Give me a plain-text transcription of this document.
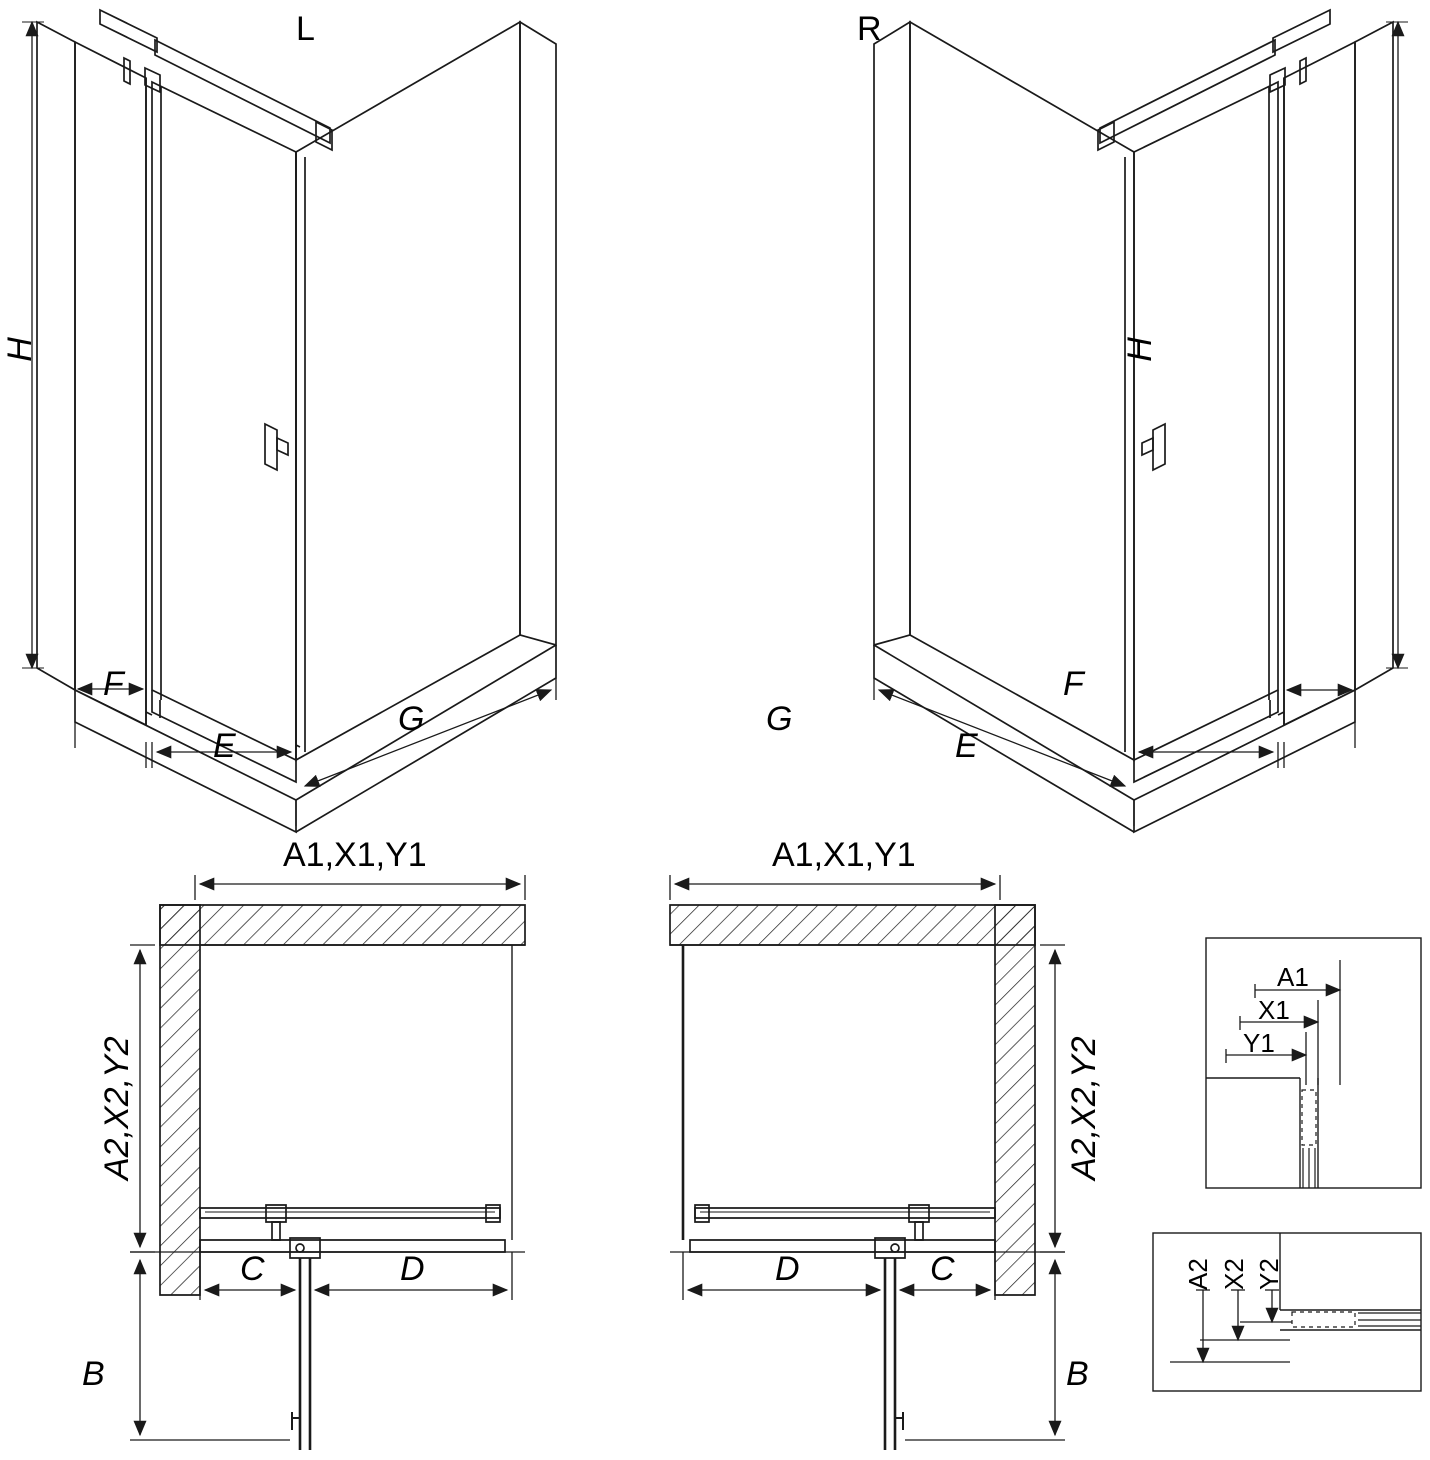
L	R
H	H
F
E
G	G
E
F
A1,X1,Y1	A1,X1,Y1
A2,X2,Y2	A2,X2,Y2
C	D
B
D	C
B
A1
X1
Y1
A2 X2 Y2
